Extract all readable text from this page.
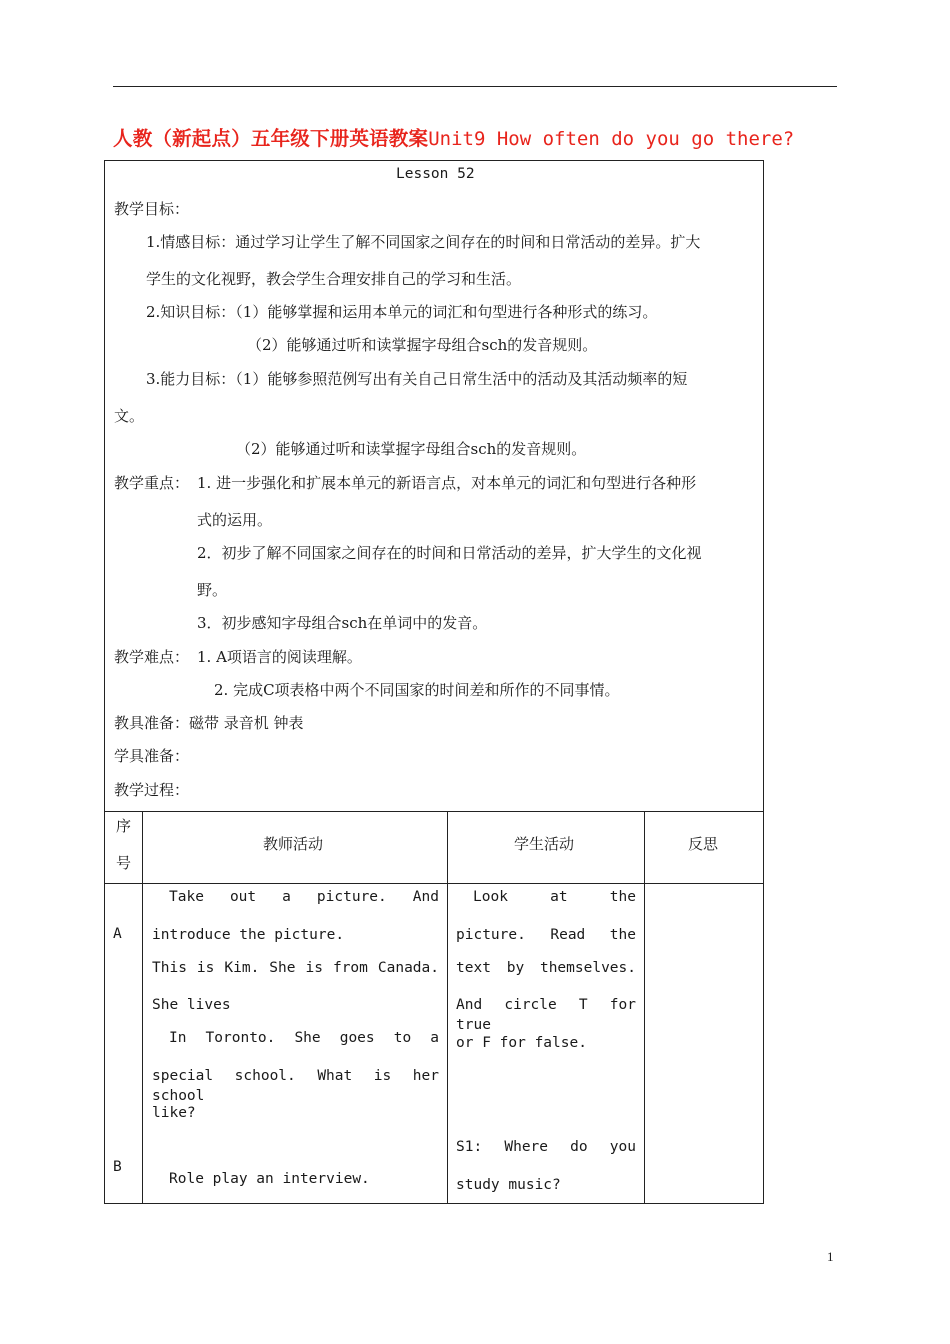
人教（新起点）五年级下册英语教案Unit9 How often do you go there?
Lesson 52
教学目标：
1.情感目标：通过学习让学生了解不同国家之间存在的时间和日常活动的差异。扩大
学生的文化视野，教会学生合理安排自己的学习和生活。
2.知识目标：（1）能够掌握和运用本单元的词汇和句型进行各种形式的练习。
（2）能够通过听和读掌握字母组合sch的发音规则。
3.能力目标：（1）能够参照范例写出有关自己日常生活中的活动及其活动频率的短
文。
（2）能够通过听和读掌握字母组合sch的发音规则。
教学重点： 1. 进一步强化和扩展本单元的新语言点，对本单元的词汇和句型进行各种形
式的运用。
2．初步了解不同国家之间存在的时间和日常活动的差异，扩大学生的文化视
野。
3．初步感知字母组合sch在单词中的发音。
教学难点： 1. A项语言的阅读理解。
2. 完成C项表格中两个不同国家的时间差和所作的不同事情。
教具准备：磁带 录音机 钟表
学具准备：
教学过程：
序
号
教师活动	学生活动	反思
A
Take out a picture. And
introduce the picture.
This is Kim. She is from Canada.
She lives
In Toronto. She goes to a
special school. What is her school
like?
Look at the
picture. Read the
text by themselves.
And circle T for true
or F for false.
B
Role play an interview.
S1: Where do you
study music?
1
